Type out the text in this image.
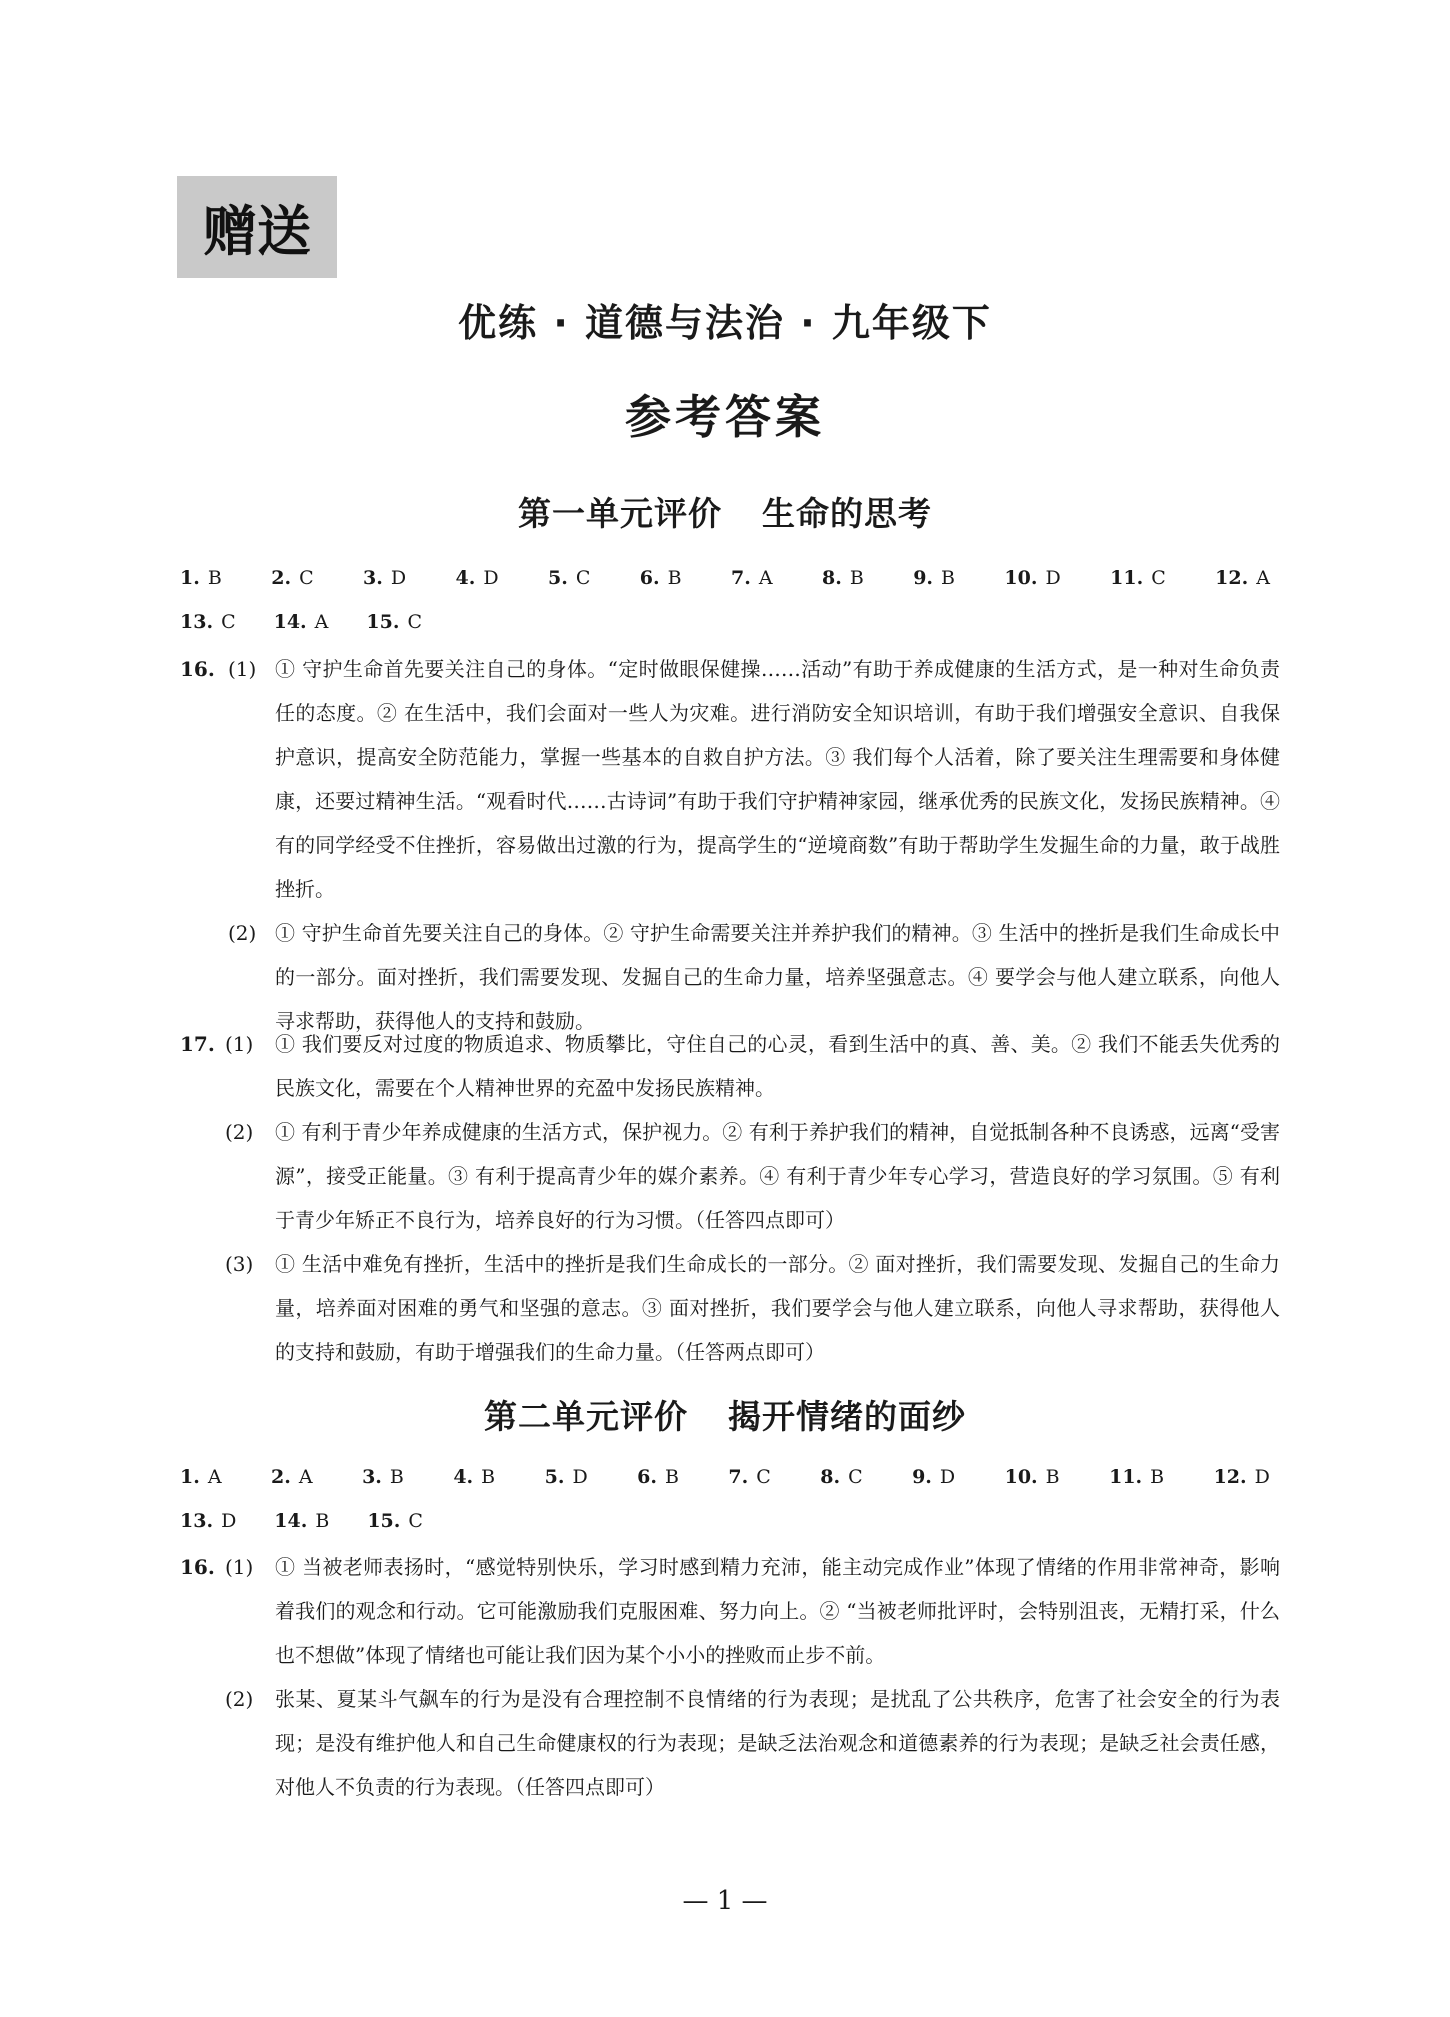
赠送
优练 · 道德与法治 · 九年级下
参考答案
第一单元评价 生命的思考
1. B	2. C	3. D	4. D	5. C	6. B	7. A	8. B	9. B	10. D	11. C	12. A
13. C 14. A 15. C
16. (1) ① 守护生命首先要关注自己的身体。“定时做眼保健操……活动”有助于养成健康的生活方式，是一种对生命负责任的态度。② 在生活中，我们会面对一些人为灾难。进行消防安全知识培训，有助于我们增强安全意识、自我保护意识，提高安全防范能力，掌握一些基本的自救自护方法。③ 我们每个人活着，除了要关注生理需要和身体健康，还要过精神生活。“观看时代……古诗词”有助于我们守护精神家园，继承优秀的民族文化，发扬民族精神。④ 有的同学经受不住挫折，容易做出过激的行为，提高学生的“逆境商数”有助于帮助学生发掘生命的力量，敢于战胜挫折。
(2) ① 守护生命首先要关注自己的身体。② 守护生命需要关注并养护我们的精神。③ 生活中的挫折是我们生命成长中的一部分。面对挫折，我们需要发现、发掘自己的生命力量，培养坚强意志。④ 要学会与他人建立联系，向他人寻求帮助，获得他人的支持和鼓励。
17. (1) ① 我们要反对过度的物质追求、物质攀比，守住自己的心灵，看到生活中的真、善、美。② 我们不能丢失优秀的民族文化，需要在个人精神世界的充盈中发扬民族精神。
(2) ① 有利于青少年养成健康的生活方式，保护视力。② 有利于养护我们的精神，自觉抵制各种不良诱惑，远离“受害源”，接受正能量。③ 有利于提高青少年的媒介素养。④ 有利于青少年专心学习，营造良好的学习氛围。⑤ 有利于青少年矫正不良行为，培养良好的行为习惯。（任答四点即可）
(3) ① 生活中难免有挫折，生活中的挫折是我们生命成长的一部分。② 面对挫折，我们需要发现、发掘自己的生命力量，培养面对困难的勇气和坚强的意志。③ 面对挫折，我们要学会与他人建立联系，向他人寻求帮助，获得他人的支持和鼓励，有助于增强我们的生命力量。（任答两点即可）
第二单元评价 揭开情绪的面纱
1. A	2. A	3. B	4. B	5. D	6. B	7. C	8. C	9. D	10. B	11. B	12. D
13. D 14. B 15. C
16. (1) ① 当被老师表扬时，“感觉特别快乐，学习时感到精力充沛，能主动完成作业”体现了情绪的作用非常神奇，影响着我们的观念和行动。它可能激励我们克服困难、努力向上。② “当被老师批评时，会特别沮丧，无精打采，什么也不想做”体现了情绪也可能让我们因为某个小小的挫败而止步不前。
(2) 张某、夏某斗气飙车的行为是没有合理控制不良情绪的行为表现；是扰乱了公共秩序，危害了社会安全的行为表现；是没有维护他人和自己生命健康权的行为表现；是缺乏法治观念和道德素养的行为表现；是缺乏社会责任感，对他人不负责的行为表现。（任答四点即可）
— 1 —
